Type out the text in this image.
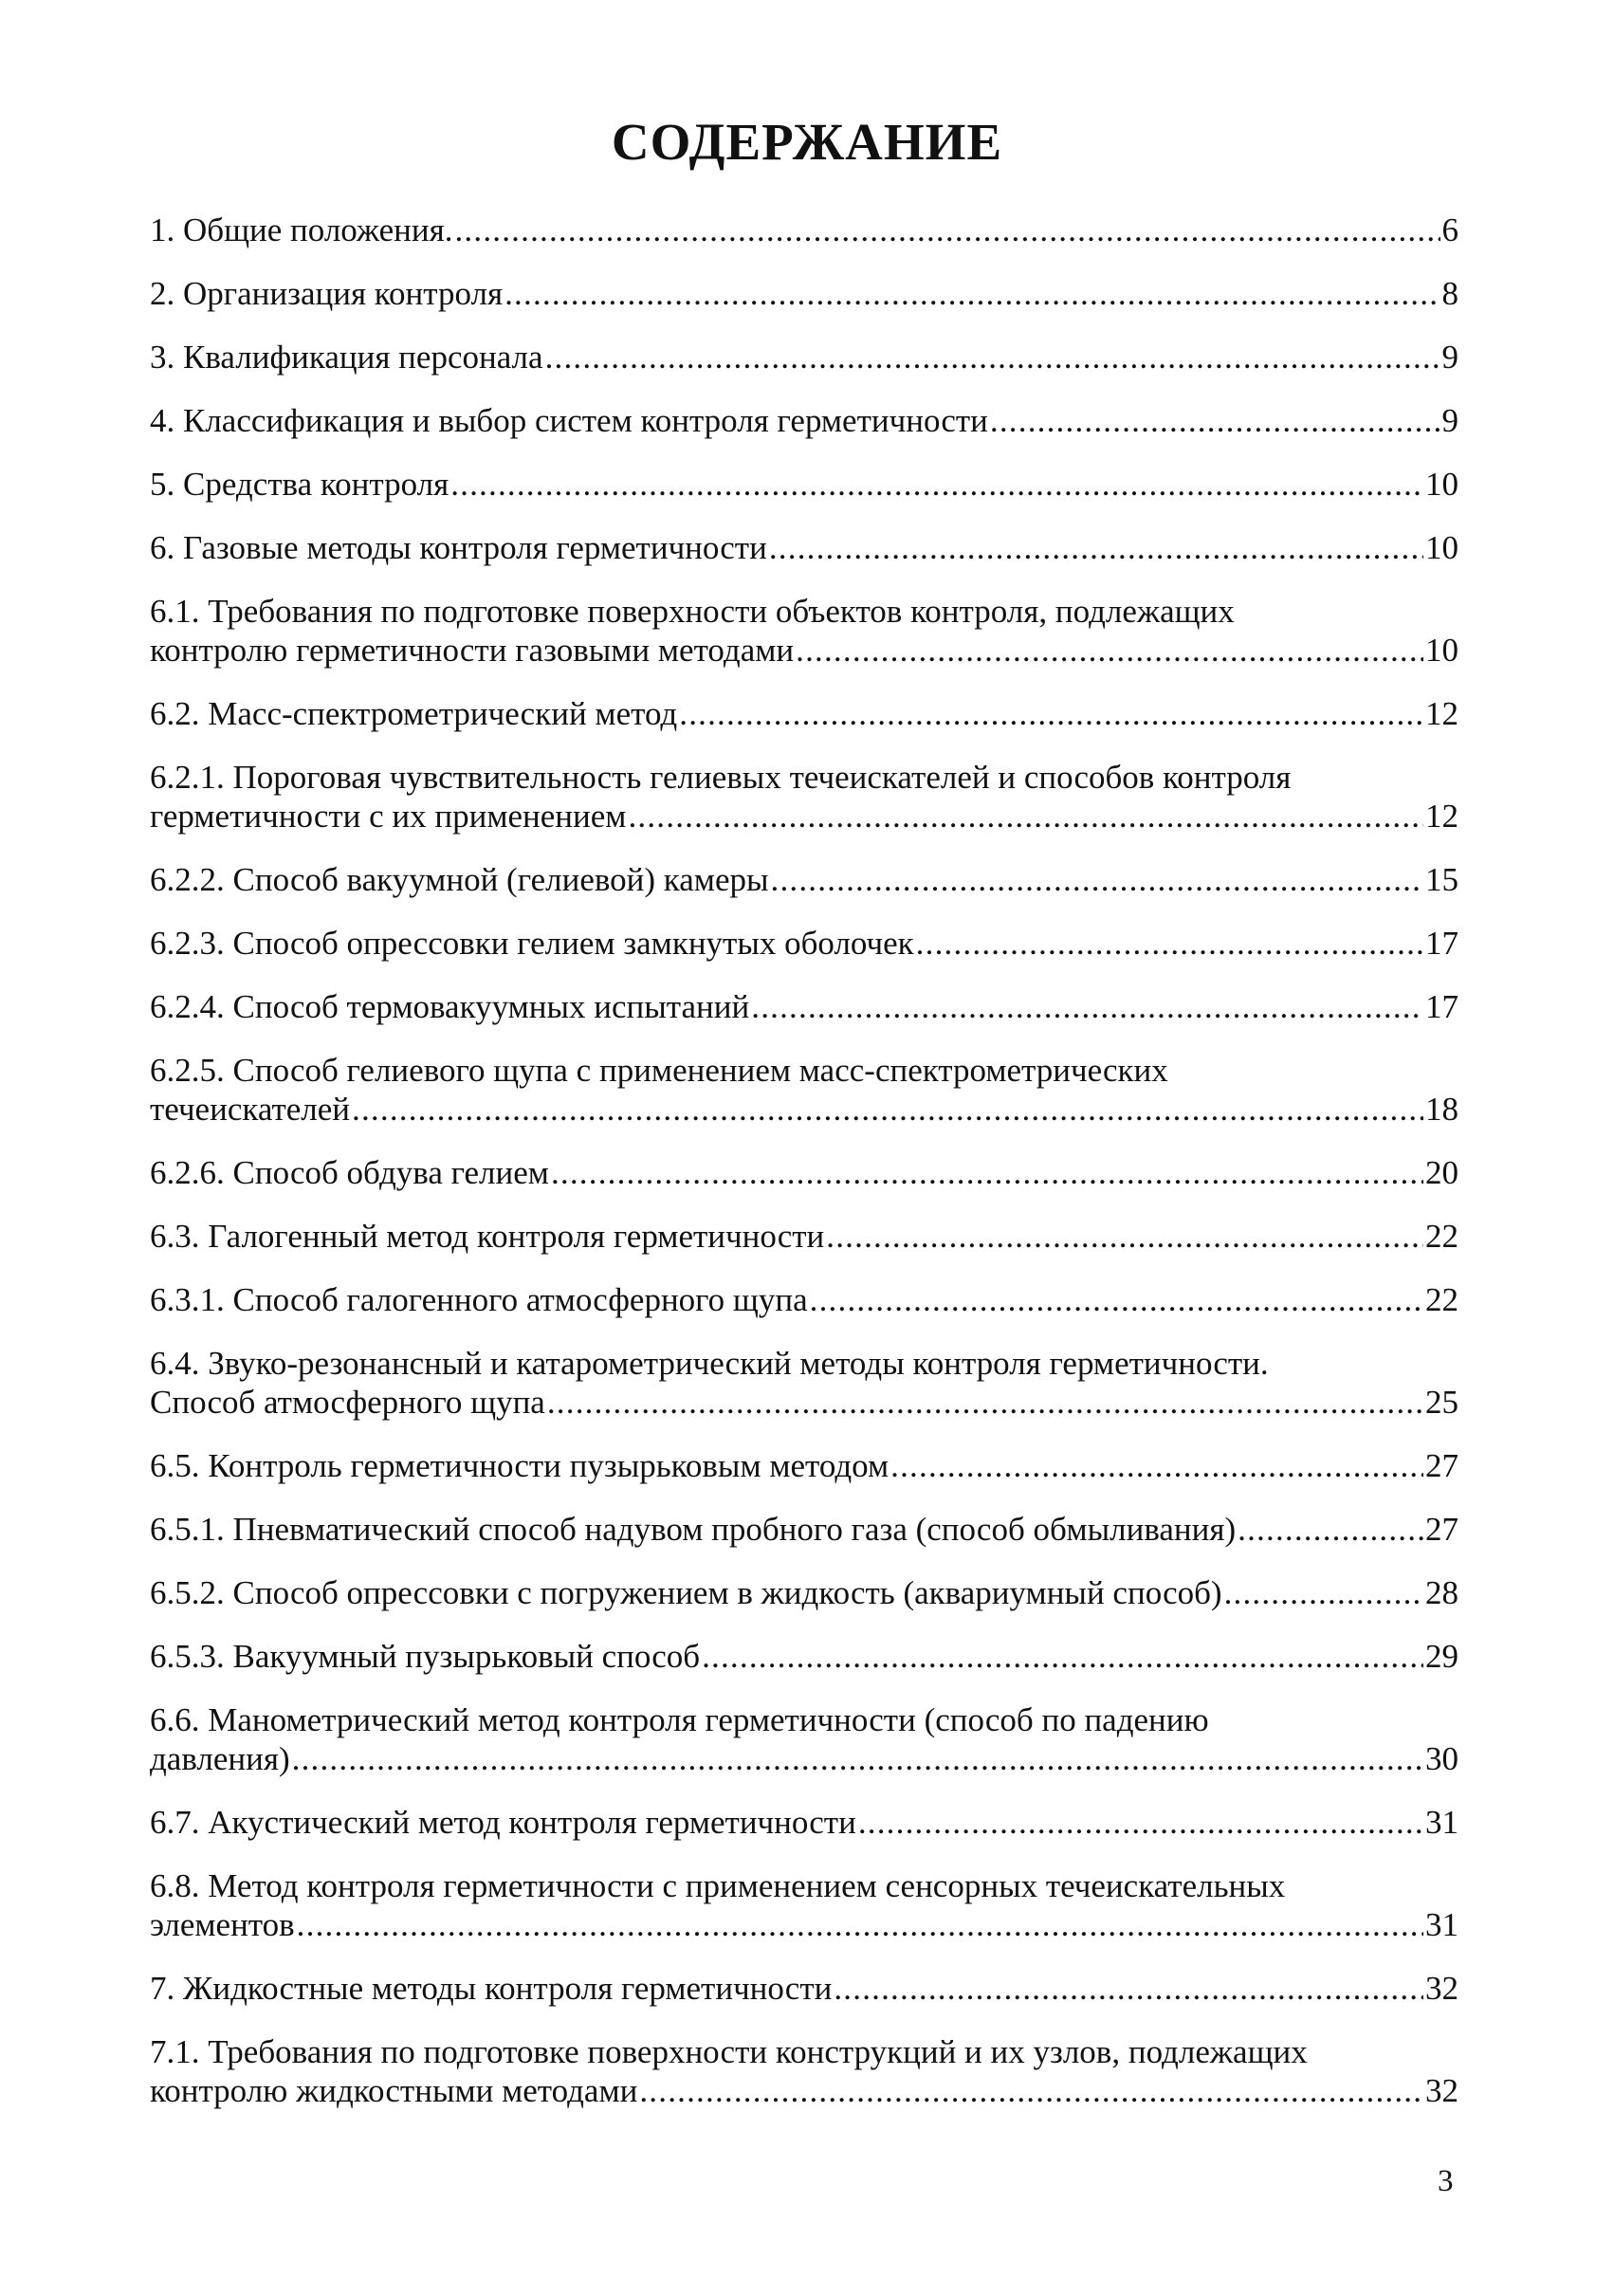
СОДЕРЖАНИЕ
1. Общие положения. .....	6
2. Организация контроля .....	8
3. Квалификация персонала .....	9
4. Классификация и выбор систем контроля герметичности .....	9
5. Средства контроля .....	10
6. Газовые методы контроля герметичности .....	10
6.1. Требования по подготовке поверхности объектов контроля, подлежащих
контролю герметичности газовыми методами .....	10
6.2. Масс-спектрометрический метод .....	12
6.2.1. Пороговая чувствительность гелиевых течеискателей и способов контроля
герметичности с их применением .....	12
6.2.2. Способ вакуумной (гелиевой) камеры .....	15
6.2.3. Способ опрессовки гелием замкнутых оболочек .....	17
6.2.4. Способ термовакуумных испытаний .....	17
6.2.5. Способ гелиевого щупа с применением масс-спектрометрических
течеискателей .....	18
6.2.6. Способ обдува гелием .....	20
6.3. Галогенный метод контроля герметичности .....	22
6.3.1. Способ галогенного атмосферного щупа .....	22
6.4. Звуко-резонансный и катарометрический методы контроля герметичности.
Способ атмосферного щупа .....	25
6.5. Контроль герметичности пузырьковым методом .....	27
6.5.1. Пневматический способ надувом пробного газа (способ обмыливания) .....	27
6.5.2. Способ опрессовки с погружением в жидкость (аквариумный способ) .....	28
6.5.3. Вакуумный пузырьковый способ .....	29
6.6. Манометрический метод контроля герметичности (способ по падению
давления) .....	30
6.7. Акустический метод контроля герметичности .....	31
6.8. Метод контроля герметичности с применением сенсорных течеискательных
элементов .....	31
7. Жидкостные методы контроля герметичности .....	32
7.1. Требования по подготовке поверхности конструкций и их узлов, подлежащих
контролю жидкостными методами .....	32
3
